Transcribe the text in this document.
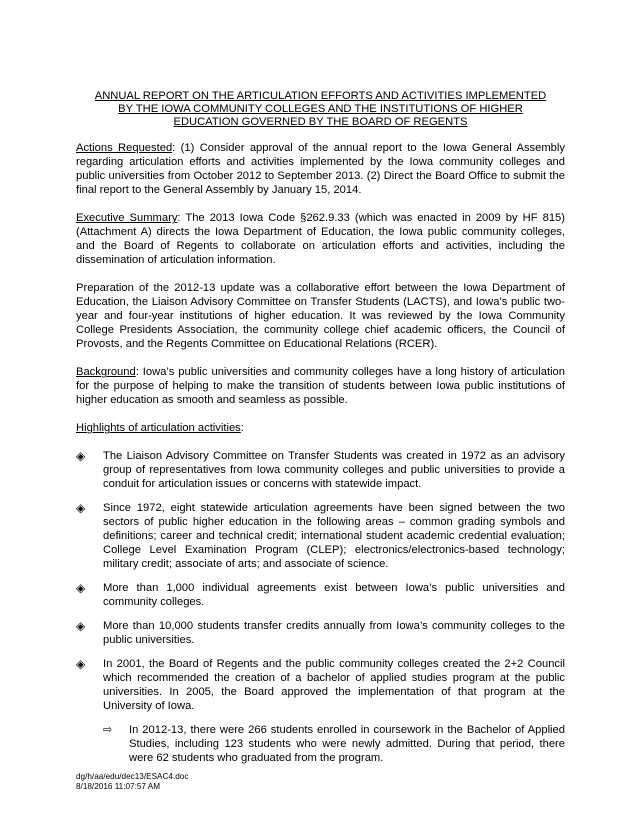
ANNUAL REPORT ON THE ARTICULATION EFFORTS AND ACTIVITIES IMPLEMENTED
BY THE IOWA COMMUNITY COLLEGES AND THE INSTITUTIONS OF HIGHER
EDUCATION GOVERNED BY THE BOARD OF REGENTS

Actions Requested: (1) Consider approval of the annual report to the Iowa General Assembly regarding articulation efforts and activities implemented by the Iowa community colleges and public universities from October 2012 to September 2013. (2) Direct the Board Office to submit the final report to the General Assembly by January 15, 2014.

Executive Summary: The 2013 Iowa Code §262.9.33 (which was enacted in 2009 by HF 815) (Attachment A) directs the Iowa Department of Education, the Iowa public community colleges, and the Board of Regents to collaborate on articulation efforts and activities, including the dissemination of articulation information.

Preparation of the 2012-13 update was a collaborative effort between the Iowa Department of Education, the Liaison Advisory Committee on Transfer Students (LACTS), and Iowa’s public two-year and four-year institutions of higher education. It was reviewed by the Iowa Community College Presidents Association, the community college chief academic officers, the Council of Provosts, and the Regents Committee on Educational Relations (RCER).

Background: Iowa’s public universities and community colleges have a long history of articulation for the purpose of helping to make the transition of students between Iowa public institutions of higher education as smooth and seamless as possible.

Highlights of articulation activities:

◈	The Liaison Advisory Committee on Transfer Students was created in 1972 as an advisory group of representatives from Iowa community colleges and public universities to provide a conduit for articulation issues or concerns with statewide impact.
◈	Since 1972, eight statewide articulation agreements have been signed between the two sectors of public higher education in the following areas – common grading symbols and definitions; career and technical credit; international student academic credential evaluation; College Level Examination Program (CLEP); electronics/electronics-based technology; military credit; associate of arts; and associate of science.
◈	More than 1,000 individual agreements exist between Iowa’s public universities and community colleges.
◈	More than 10,000 students transfer credits annually from Iowa’s community colleges to the public universities.
◈	In 2001, the Board of Regents and the public community colleges created the 2+2 Council which recommended the creation of a bachelor of applied studies program at the public universities. In 2005, the Board approved the implementation of that program at the University of Iowa.
⇨	In 2012-13, there were 266 students enrolled in coursework in the Bachelor of Applied Studies, including 123 students who were newly admitted. During that period, there were 62 students who graduated from the program.
dg/h/aa/edu/dec13/ESAC4.doc
8/18/2016 11:07:57 AM
